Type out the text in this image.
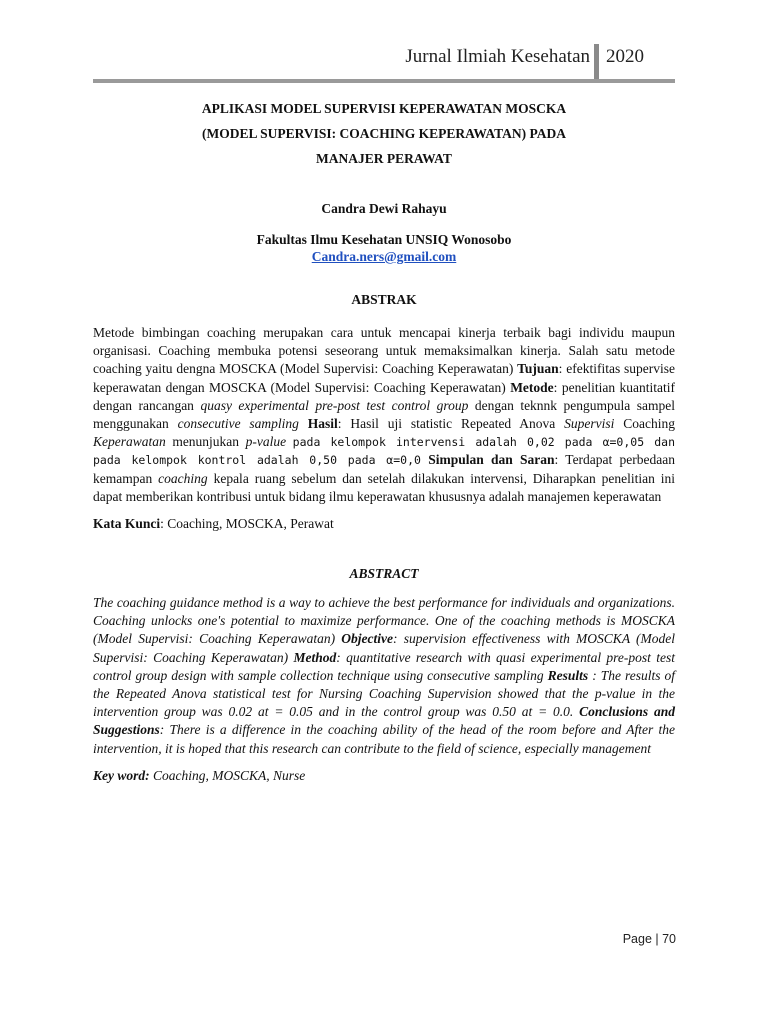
Jurnal Ilmiah Kesehatan 2020

APLIKASI MODEL SUPERVISI KEPERAWATAN MOSCKA
(MODEL SUPERVISI: COACHING KEPERAWATAN) PADA
MANAJER PERAWAT

Candra Dewi Rahayu
Fakultas Ilmu Kesehatan UNSIQ Wonosobo
Candra.ners@gmail.com
ABSTRAK
Metode bimbingan coaching merupakan cara untuk mencapai kinerja terbaik bagi individu maupun organisasi. Coaching membuka potensi seseorang untuk memaksimalkan kinerja. Salah satu metode coaching yaitu dengna MOSCKA (Model Supervisi: Coaching Keperawatan) Tujuan: efektifitas supervise keperawatan dengan MOSCKA (Model Supervisi: Coaching Keperawatan) Metode: penelitian kuantitatif dengan rancangan quasy experimental pre-post test control group dengan teknnk pengumpula sampel menggunakan consecutive sampling Hasil: Hasil uji statistic Repeated Anova Supervisi Coaching Keperawatan menunjukan p-value pada kelompok intervensi adalah 0,02 pada α=0,05 dan pada kelompok kontrol adalah 0,50 pada α=0,0 Simpulan dan Saran: Terdapat perbedaan kemampan coaching kepala ruang sebelum dan setelah dilakukan intervensi, Diharapkan penelitian ini dapat memberikan kontribusi untuk bidang ilmu keperawatan khususnya adalah manajemen keperawatan
Kata Kunci: Coaching, MOSCKA, Perawat
ABSTRACT
The coaching guidance method is a way to achieve the best performance for individuals and organizations. Coaching unlocks one's potential to maximize performance. One of the coaching methods is MOSCKA (Model Supervisi: Coaching Keperawatan) Objective: supervision effectiveness with MOSCKA (Model Supervisi: Coaching Keperawatan) Method: quantitative research with quasi experimental pre-post test control group design with sample collection technique using consecutive sampling Results : The results of the Repeated Anova statistical test for Nursing Coaching Supervision showed that the p-value in the intervention group was 0.02 at = 0.05 and in the control group was 0.50 at = 0.0. Conclusions and Suggestions: There is a difference in the coaching ability of the head of the room before and After the intervention, it is hoped that this research can contribute to the field of science, especially management
Key word: Coaching, MOSCKA, Nurse
Page | 70
